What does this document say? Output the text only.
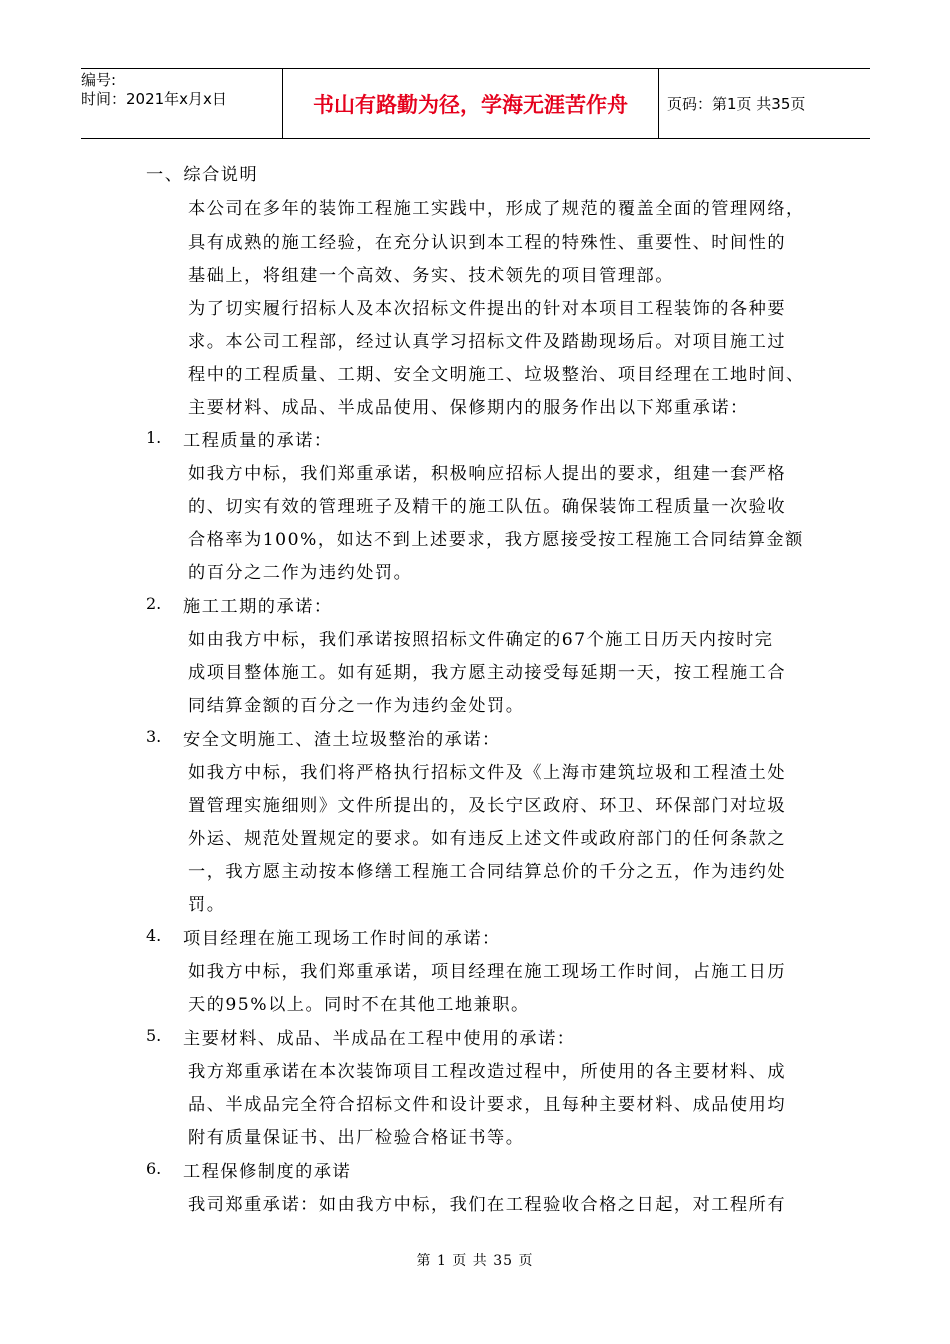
编号:
时间：2021年x月x日	书山有路勤为径，学海无涯苦作舟	页码：第1页 共35页
一、综合说明
本公司在多年的装饰工程施工实践中，形成了规范的覆盖全面的管理网络，
具有成熟的施工经验，在充分认识到本工程的特殊性、重要性、时间性的
基础上，将组建一个高效、务实、技术领先的项目管理部。
为了切实履行招标人及本次招标文件提出的针对本项目工程装饰的各种要
求。本公司工程部，经过认真学习招标文件及踏勘现场后。对项目施工过
程中的工程质量、工期、安全文明施工、垃圾整治、项目经理在工地时间、
主要材料、成品、半成品使用、保修期内的服务作出以下郑重承诺：
1. 工程质量的承诺：
如我方中标，我们郑重承诺，积极响应招标人提出的要求，组建一套严格
的、切实有效的管理班子及精干的施工队伍。确保装饰工程质量一次验收
合格率为100%，如达不到上述要求，我方愿接受按工程施工合同结算金额
的百分之二作为违约处罚。
2. 施工工期的承诺：
如由我方中标，我们承诺按照招标文件确定的67个施工日历天内按时完
成项目整体施工。如有延期，我方愿主动接受每延期一天，按工程施工合
同结算金额的百分之一作为违约金处罚。
3. 安全文明施工、渣土垃圾整治的承诺：
如我方中标，我们将严格执行招标文件及《上海市建筑垃圾和工程渣土处
置管理实施细则》文件所提出的，及长宁区政府、环卫、环保部门对垃圾
外运、规范处置规定的要求。如有违反上述文件或政府部门的任何条款之
一，我方愿主动按本修缮工程施工合同结算总价的千分之五，作为违约处
罚。
4. 项目经理在施工现场工作时间的承诺：
如我方中标，我们郑重承诺，项目经理在施工现场工作时间，占施工日历
天的95%以上。同时不在其他工地兼职。
5. 主要材料、成品、半成品在工程中使用的承诺：
我方郑重承诺在本次装饰项目工程改造过程中，所使用的各主要材料、成
品、半成品完全符合招标文件和设计要求，且每种主要材料、成品使用均
附有质量保证书、出厂检验合格证书等。
6. 工程保修制度的承诺
我司郑重承诺：如由我方中标，我们在工程验收合格之日起，对工程所有
第 1 页 共 35 页
